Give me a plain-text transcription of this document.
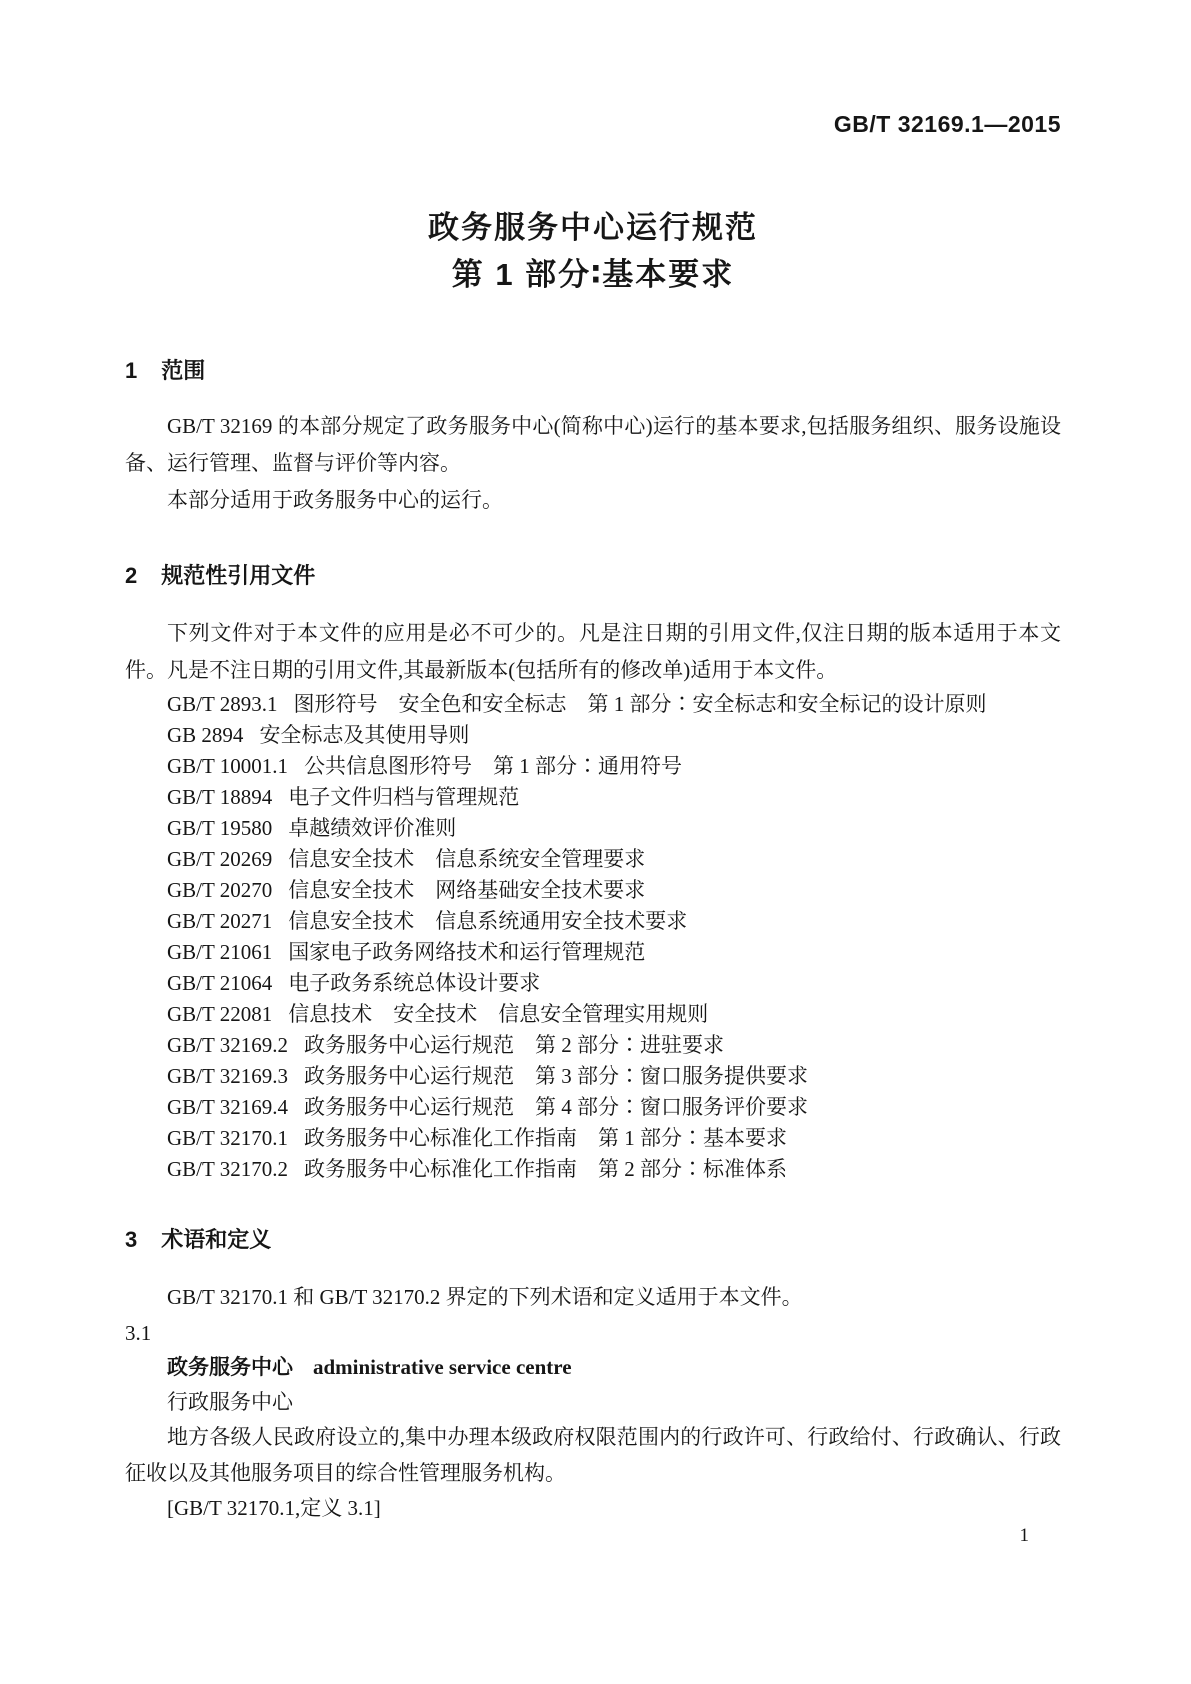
GB/T 32169.1—2015
政务服务中心运行规范
第 1 部分∶基本要求
1 范围

GB/T 32169 的本部分规定了政务服务中心(简称中心)运行的基本要求,包括服务组织、服务设施设备、运行管理、监督与评价等内容。

本部分适用于政务服务中心的运行。

2 规范性引用文件

下列文件对于本文件的应用是必不可少的。凡是注日期的引用文件,仅注日期的版本适用于本文件。凡是不注日期的引用文件,其最新版本(包括所有的修改单)适用于本文件。

GB/T 2893.1 图形符号　安全色和安全标志　第 1 部分∶安全标志和安全标记的设计原则
GB 2894 安全标志及其使用导则
GB/T 10001.1 公共信息图形符号　第 1 部分∶通用符号
GB/T 18894 电子文件归档与管理规范
GB/T 19580 卓越绩效评价准则
GB/T 20269 信息安全技术　信息系统安全管理要求
GB/T 20270 信息安全技术　网络基础安全技术要求
GB/T 20271 信息安全技术　信息系统通用安全技术要求
GB/T 21061 国家电子政务网络技术和运行管理规范
GB/T 21064 电子政务系统总体设计要求
GB/T 22081 信息技术　安全技术　信息安全管理实用规则
GB/T 32169.2 政务服务中心运行规范　第 2 部分∶进驻要求
GB/T 32169.3 政务服务中心运行规范　第 3 部分∶窗口服务提供要求
GB/T 32169.4 政务服务中心运行规范　第 4 部分∶窗口服务评价要求
GB/T 32170.1 政务服务中心标准化工作指南　第 1 部分∶基本要求
GB/T 32170.2 政务服务中心标准化工作指南　第 2 部分∶标准体系
3 术语和定义

GB/T 32170.1 和 GB/T 32170.2 界定的下列术语和定义适用于本文件。

3.1
政务服务中心 administrative service centre
行政服务中心

地方各级人民政府设立的,集中办理本级政府权限范围内的行政许可、行政给付、行政确认、行政征收以及其他服务项目的综合性管理服务机构。

[GB/T 32170.1,定义 3.1]
1
